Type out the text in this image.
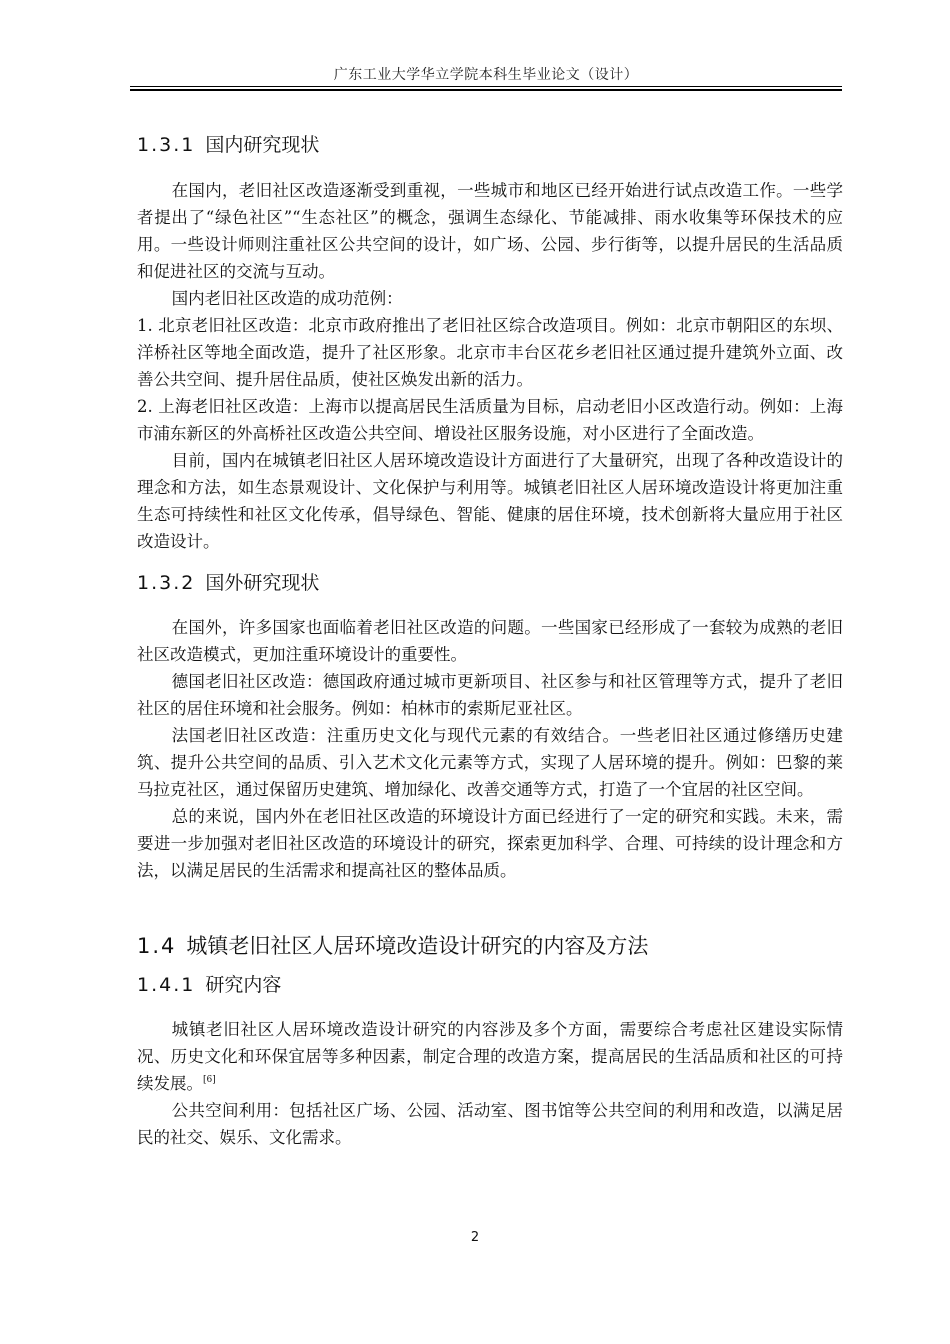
广东工业大学华立学院本科生毕业论文（设计）
1.3.1 国内研究现状

在国内，老旧社区改造逐渐受到重视，一些城市和地区已经开始进行试点改造工作。一些学者提出了“绿色社区”“生态社区”的概念，强调生态绿化、节能减排、雨水收集等环保技术的应用。一些设计师则注重社区公共空间的设计，如广场、公园、步行街等，以提升居民的生活品质和促进社区的交流与互动。

国内老旧社区改造的成功范例：

1. 北京老旧社区改造：北京市政府推出了老旧社区综合改造项目。例如：北京市朝阳区的东坝、洋桥社区等地全面改造，提升了社区形象。北京市丰台区花乡老旧社区通过提升建筑外立面、改善公共空间、提升居住品质，使社区焕发出新的活力。

2. 上海老旧社区改造：上海市以提高居民生活质量为目标，启动老旧小区改造行动。例如：上海市浦东新区的外高桥社区改造公共空间、增设社区服务设施，对小区进行了全面改造。

目前，国内在城镇老旧社区人居环境改造设计方面进行了大量研究，出现了各种改造设计的理念和方法，如生态景观设计、文化保护与利用等。城镇老旧社区人居环境改造设计将更加注重生态可持续性和社区文化传承，倡导绿色、智能、健康的居住环境，技术创新将大量应用于社区改造设计。

1.3.2 国外研究现状

在国外，许多国家也面临着老旧社区改造的问题。一些国家已经形成了一套较为成熟的老旧社区改造模式，更加注重环境设计的重要性。

德国老旧社区改造：德国政府通过城市更新项目、社区参与和社区管理等方式，提升了老旧社区的居住环境和社会服务。例如：柏林市的索斯尼亚社区。

法国老旧社区改造：注重历史文化与现代元素的有效结合。一些老旧社区通过修缮历史建筑、提升公共空间的品质、引入艺术文化元素等方式，实现了人居环境的提升。例如：巴黎的莱马拉克社区，通过保留历史建筑、增加绿化、改善交通等方式，打造了一个宜居的社区空间。

总的来说，国内外在老旧社区改造的环境设计方面已经进行了一定的研究和实践。未来，需要进一步加强对老旧社区改造的环境设计的研究，探索更加科学、合理、可持续的设计理念和方法，以满足居民的生活需求和提高社区的整体品质。

1.4 城镇老旧社区人居环境改造设计研究的内容及方法
1.4.1 研究内容

城镇老旧社区人居环境改造设计研究的内容涉及多个方面，需要综合考虑社区建设实际情况、历史文化和环保宜居等多种因素，制定合理的改造方案，提高居民的生活品质和社区的可持续发展。[6]

公共空间利用：包括社区广场、公园、活动室、图书馆等公共空间的利用和改造，以满足居民的社交、娱乐、文化需求。

2
